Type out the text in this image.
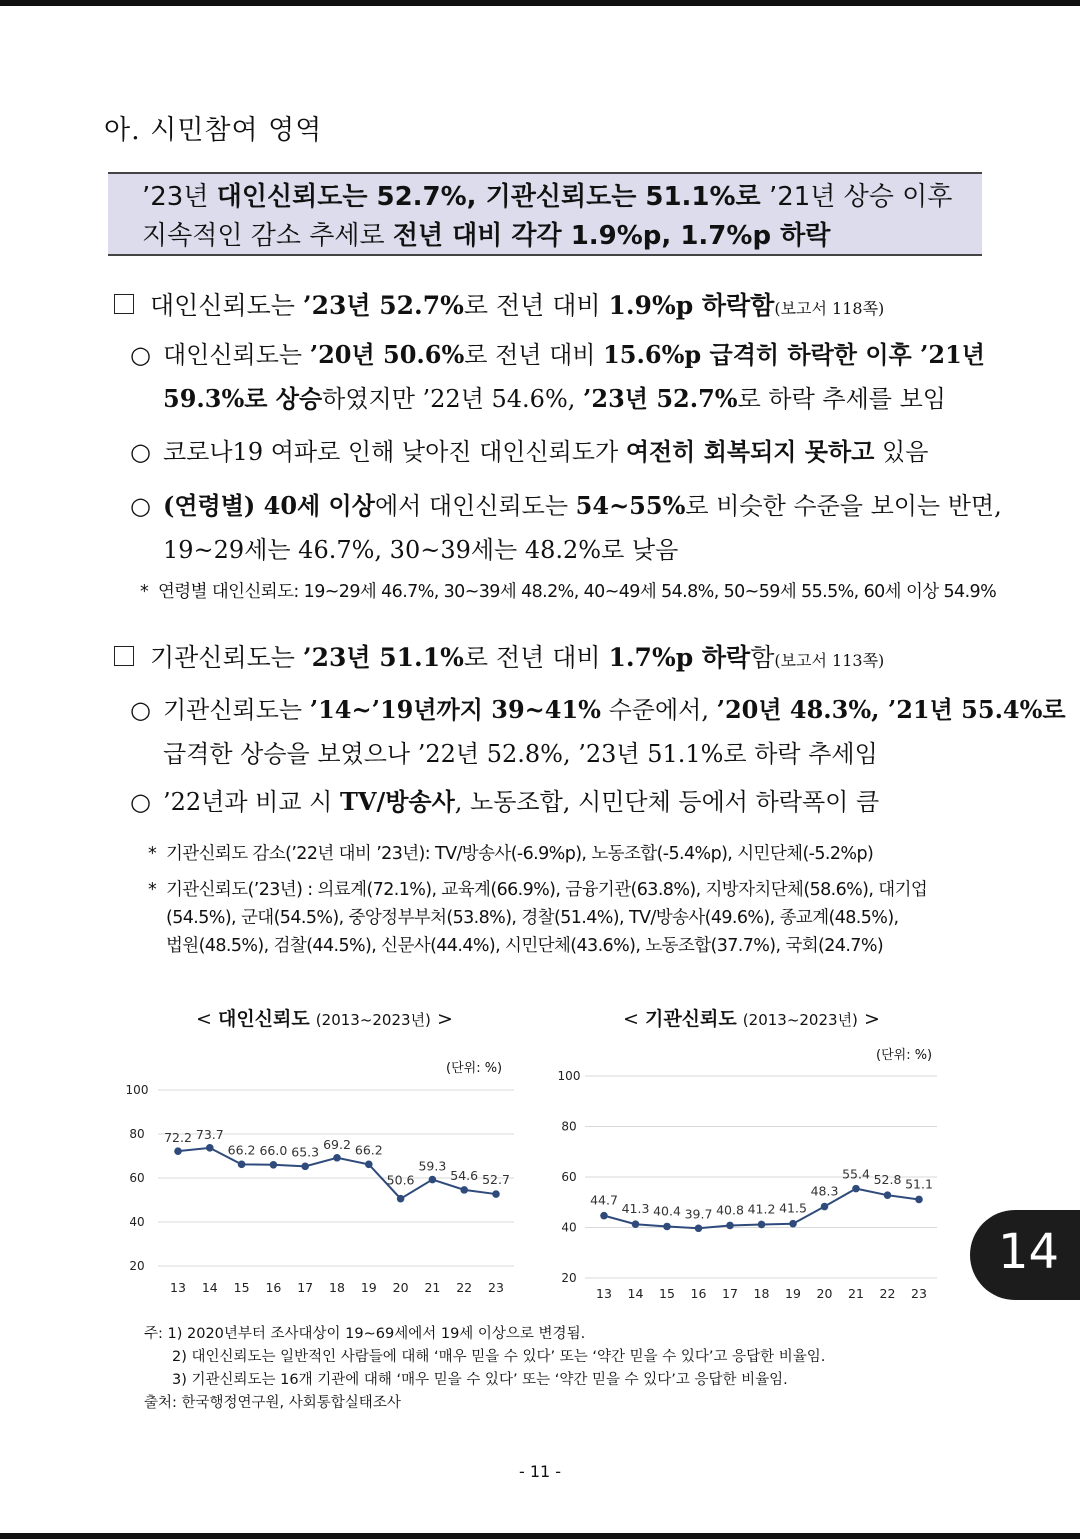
아. 시민참여 영역
’23년 대인신뢰도는 52.7%, 기관신뢰도는 51.1%로 ’21년 상승 이후
지속적인 감소 추세로 전년 대비 각각 1.9%p, 1.7%p 하락
대인신뢰도는 ’23년 52.7%로 전년 대비 1.9%p 하락함(보고서 118쪽)
○ 대인신뢰도는 ’20년 50.6%로 전년 대비 15.6%p 급격히 하락한 이후 ’21년
59.3%로 상승하였지만 ’22년 54.6%, ’23년 52.7%로 하락 추세를 보임
○ 코로나19 여파로 인해 낮아진 대인신뢰도가 여전히 회복되지 못하고 있음
○ (연령별) 40세 이상에서 대인신뢰도는 54~55%로 비슷한 수준을 보이는 반면,
19~29세는 46.7%, 30~39세는 48.2%로 낮음
* 연령별 대인신뢰도: 19~29세 46.7%, 30~39세 48.2%, 40~49세 54.8%, 50~59세 55.5%, 60세 이상 54.9%
기관신뢰도는 ’23년 51.1%로 전년 대비 1.7%p 하락함(보고서 113쪽)
○ 기관신뢰도는 ’14~’19년까지 39~41% 수준에서, ’20년 48.3%, ’21년 55.4%로
급격한 상승을 보였으나 ’22년 52.8%, ’23년 51.1%로 하락 추세임
○ ’22년과 비교 시 TV/방송사, 노동조합, 시민단체 등에서 하락폭이 큼
* 기관신뢰도 감소(’22년 대비 ’23년): TV/방송사(-6.9%p), 노동조합(-5.4%p), 시민단체(-5.2%p)
* 기관신뢰도(’23년) : 의료계(72.1%), 교육계(66.9%), 금융기관(63.8%), 지방자치단체(58.6%), 대기업
(54.5%), 군대(54.5%), 중앙정부부처(53.8%), 경찰(51.4%), TV/방송사(49.6%), 종교계(48.5%),
법원(48.5%), 검찰(44.5%), 신문사(44.4%), 시민단체(43.6%), 노동조합(37.7%), 국회(24.7%)
< 대인신뢰도 (2013~2023년) >
(단위: %)
20
40
60
80
100
13 14 15 16 17 18 19 20 21 22 23
72.2 73.7
66.2 66.0 65.3
69.2 66.2
50.6
59.3
54.6 52.7
< 기관신뢰도 (2013~2023년) >
(단위: %)
20
40
60
80
100
13 14 15 16 17 18 19 20 21 22 23
44.7
41.3 40.4 39.7 40.8 41.2 41.5
48.3
55.4 52.8 51.1
주: 1) 2020년부터 조사대상이 19∼69세에서 19세 이상으로 변경됨.
2) 대인신뢰도는 일반적인 사람들에 대해 ‘매우 믿을 수 있다’ 또는 ‘약간 믿을 수 있다’고 응답한 비율임.
3) 기관신뢰도는 16개 기관에 대해 ‘매우 믿을 수 있다’ 또는 ‘약간 믿을 수 있다’고 응답한 비율임.
출처: 한국행정연구원, 사회통합실태조사
14
- 11 -
